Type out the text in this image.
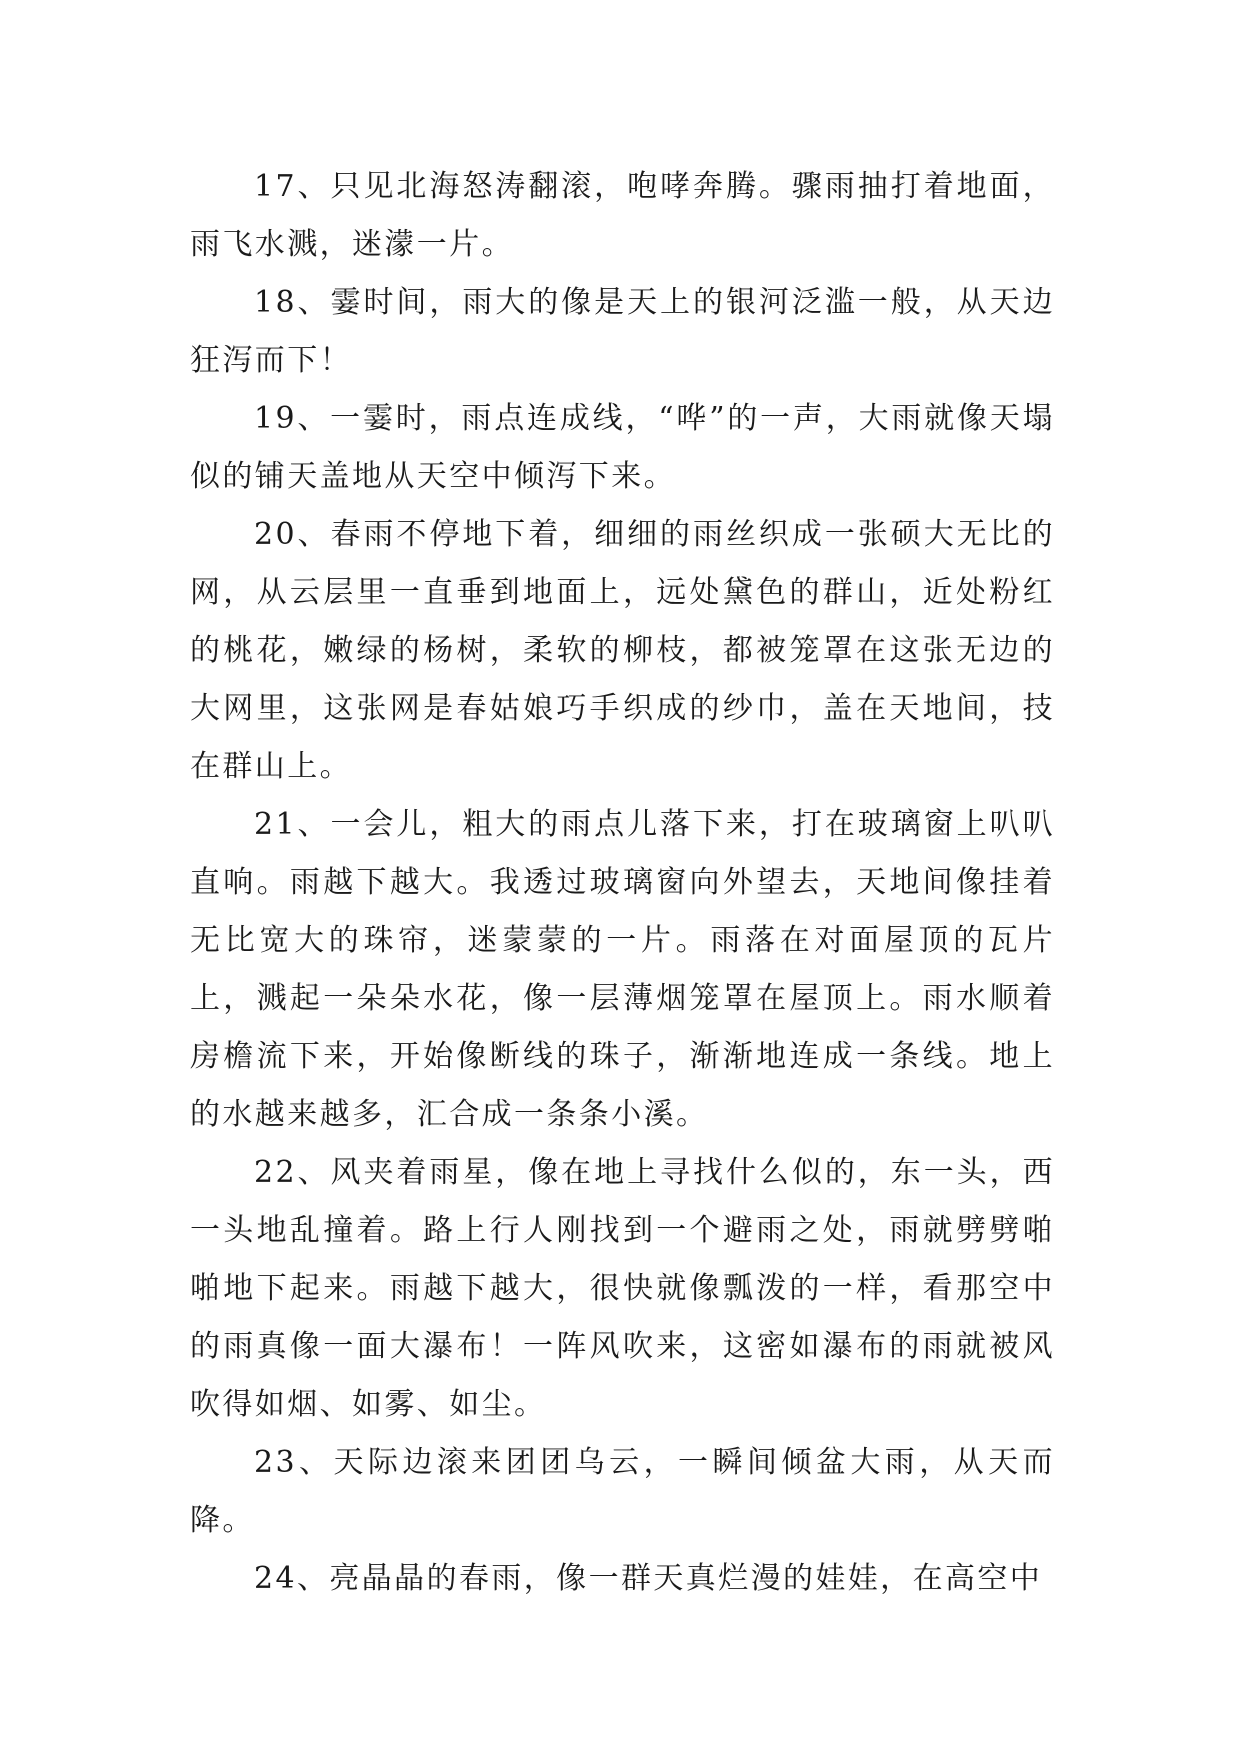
17、只见北海怒涛翻滚，咆哮奔腾。骤雨抽打着地面，雨飞水溅，迷濛一片。

18、霎时间，雨大的像是天上的银河泛滥一般，从天边狂泻而下！

19、一霎时，雨点连成线，“哗”的一声，大雨就像天塌似的铺天盖地从天空中倾泻下来。

20、春雨不停地下着，细细的雨丝织成一张硕大无比的网，从云层里一直垂到地面上，远处黛色的群山，近处粉红的桃花，嫩绿的杨树，柔软的柳枝，都被笼罩在这张无边的大网里，这张网是春姑娘巧手织成的纱巾，盖在天地间，技在群山上。

21、一会儿，粗大的雨点儿落下来，打在玻璃窗上叭叭直响。雨越下越大。我透过玻璃窗向外望去，天地间像挂着无比宽大的珠帘，迷蒙蒙的一片。雨落在对面屋顶的瓦片上，溅起一朵朵水花，像一层薄烟笼罩在屋顶上。雨水顺着房檐流下来，开始像断线的珠子，渐渐地连成一条线。地上的水越来越多，汇合成一条条小溪。

22、风夹着雨星，像在地上寻找什么似的，东一头，西一头地乱撞着。路上行人刚找到一个避雨之处，雨就劈劈啪啪地下起来。雨越下越大，很快就像瓢泼的一样，看那空中的雨真像一面大瀑布！一阵风吹来，这密如瀑布的雨就被风吹得如烟、如雾、如尘。

23、天际边滚来团团乌云，一瞬间倾盆大雨，从天而降。

24、亮晶晶的春雨，像一群天真烂漫的娃娃，在高空中
